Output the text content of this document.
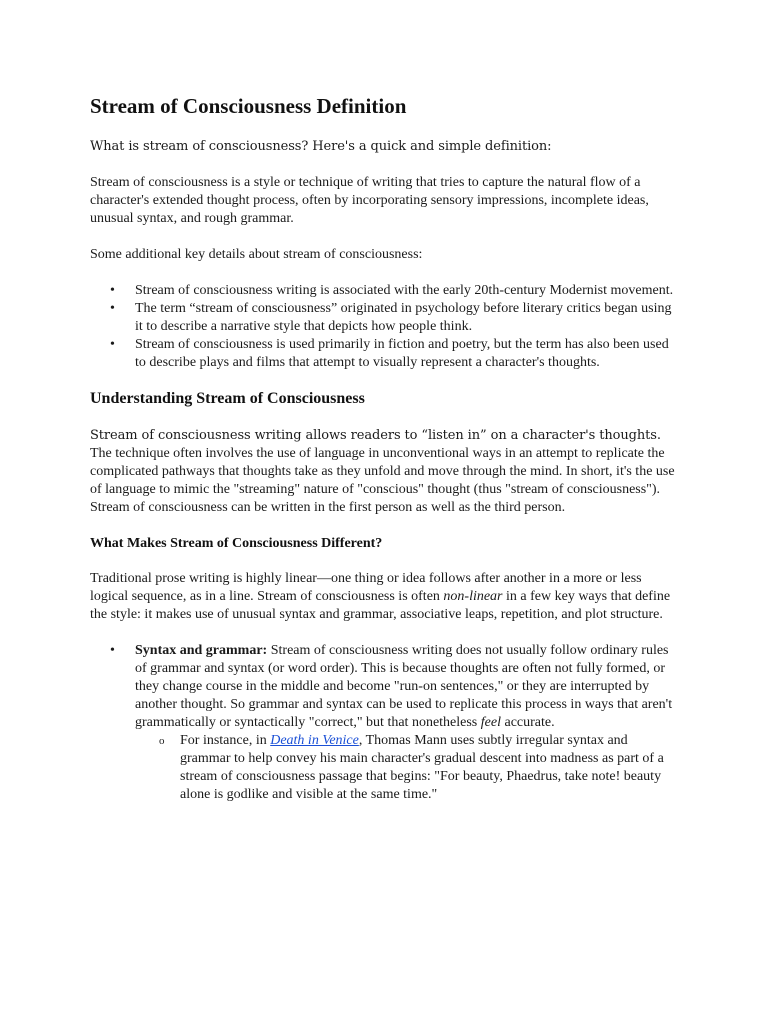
Stream of Consciousness Definition

What is stream of consciousness? Here's a quick and simple definition:

Stream of consciousness is a style or technique of writing that tries to capture the natural flow of a character's extended thought process, often by incorporating sensory impressions, incomplete ideas, unusual syntax, and rough grammar.

Some additional key details about stream of consciousness:

• Stream of consciousness writing is associated with the early 20th-century Modernist movement.
• The term “stream of consciousness” originated in psychology before literary critics began using it to describe a narrative style that depicts how people think.
• Stream of consciousness is used primarily in fiction and poetry, but the term has also been used to describe plays and films that attempt to visually represent a character's thoughts.
Understanding Stream of Consciousness

Stream of consciousness writing allows readers to “listen in” on a character's thoughts. The technique often involves the use of language in unconventional ways in an attempt to replicate the complicated pathways that thoughts take as they unfold and move through the mind. In short, it's the use of language to mimic the "streaming" nature of "conscious" thought (thus "stream of consciousness"). Stream of consciousness can be written in the first person as well as the third person.

What Makes Stream of Consciousness Different?

Traditional prose writing is highly linear—one thing or idea follows after another in a more or less logical sequence, as in a line. Stream of consciousness is often non-linear in a few key ways that define the style: it makes use of unusual syntax and grammar, associative leaps, repetition, and plot structure.

• Syntax and grammar: Stream of consciousness writing does not usually follow ordinary rules of grammar and syntax (or word order). This is because thoughts are often not fully formed, or they change course in the middle and become "run-on sentences," or they are interrupted by another thought. So grammar and syntax can be used to replicate this process in ways that aren't grammatically or syntactically "correct," but that nonetheless feel accurate.
o For instance, in Death in Venice, Thomas Mann uses subtly irregular syntax and grammar to help convey his main character's gradual descent into madness as part of a stream of consciousness passage that begins: "For beauty, Phaedrus, take note! beauty alone is godlike and visible at the same time."
